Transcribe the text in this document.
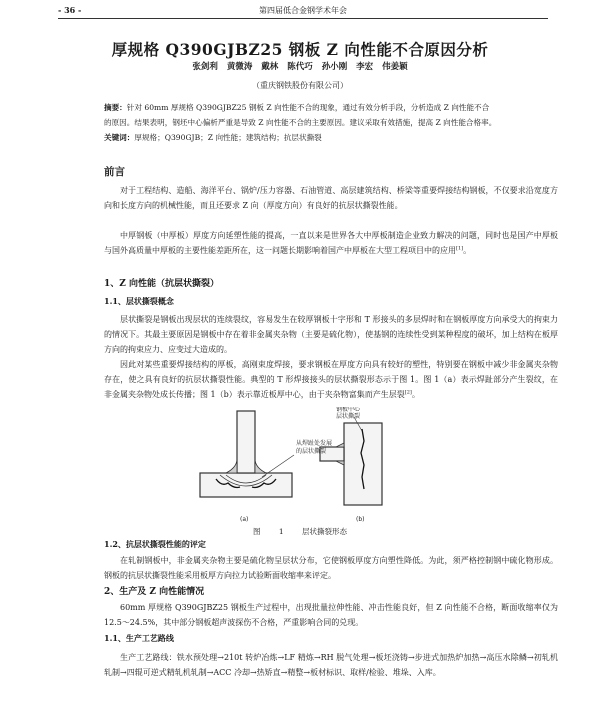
- 36 -	第四届低合金钢学术年会
厚规格 Q390GJBZ25 钢板 Z 向性能不合原因分析
张剑利 黄微涛 戴林 陈代巧 孙小刚 李宏 伟姜颖
（重庆钢铁股份有限公司）
摘要：针对 60mm 厚规格 Q390GJBZ25 钢板 Z 向性能不合的现象，通过有效分析手段，分析造成 Z 向性能不合
的原因。结果表明，钢坯中心偏析严重是导致 Z 向性能不合的主要原因。建议采取有效措施，提高 Z 向性能合格率。
关键词：厚规格；Q390GJB；Z 向性能；建筑结构；抗层状撕裂
前言
对于工程结构、造船、海洋平台、锅炉/压力容器、石油管道、高层建筑结构、桥梁等重要焊接结构钢板，不仅要求沿宽度方向和长度方向的机械性能，而且还要求 Z 向（厚度方向）有良好的抗层状撕裂性能。
中厚钢板（中厚板）厚度方向延塑性能的提高，一直以来是世界各大中厚板制造企业致力解决的问题，同时也是国产中厚板与国外高质量中厚板的主要性能差距所在，这一问题长期影响着国产中厚板在大型工程项目中的应用[1]。
1、Z 向性能（抗层状撕裂）
1.1、层状撕裂概念
层状撕裂是钢板出现层状的连续裂纹，容易发生在较厚钢板十字形和 T 形接头的多层焊时和在钢板厚度方向承受大的拘束力的情况下。其最主要原因是钢板中存在着非金属夹杂物（主要是硫化物），使基钢的连续性受到某种程度的破坏，加上结构在板厚方向的拘束应力、应变过大造成的。
因此对某些重要焊接结构的厚板，高刚束度焊接，要求钢板在厚度方向具有较好的塑性，特别要在钢板中减少非金属夹杂物存在，使之具有良好的抗层状撕裂性能。典型的 T 形焊接接头的层状撕裂形态示于图 1。图 1（a）表示焊趾部分产生裂纹，在非金属夹杂物处成长传播；图 1（b）表示靠近板厚中心，由于夹杂物富集而产生层裂[2]。
钢板中心
层状撕裂
从焊趾处发展
的层状撕裂
(a)	(b)
图 1 层状撕裂形态
1.2、抗层状撕裂性能的评定
在轧制钢板中，非金属夹杂物主要是硫化物呈层状分布，它使钢板厚度方向塑性降低。为此，须严格控制钢中硫化物形成。钢板的抗层状撕裂性能采用板厚方向拉力试验断面收缩率来评定。
2、生产及 Z 向性能情况
60mm 厚规格 Q390GJBZ25 钢板生产过程中，出现批量拉伸性能、冲击性能良好，但 Z 向性能不合格，断面收缩率仅为 12.5～24.5%，其中部分钢板超声波探伤不合格，严重影响合同的兑现。
1.1、生产工艺路线
生产工艺路线：铁水预处理→210t 转炉冶炼→LF 精炼→RH 脱气处理→板坯浇铸→步进式加热炉加热→高压水除鳞→初轧机轧制→四辊可逆式精轧机轧制→ACC 冷却→热矫直→精整→板材标识、取样/检验、堆垛、入库。
